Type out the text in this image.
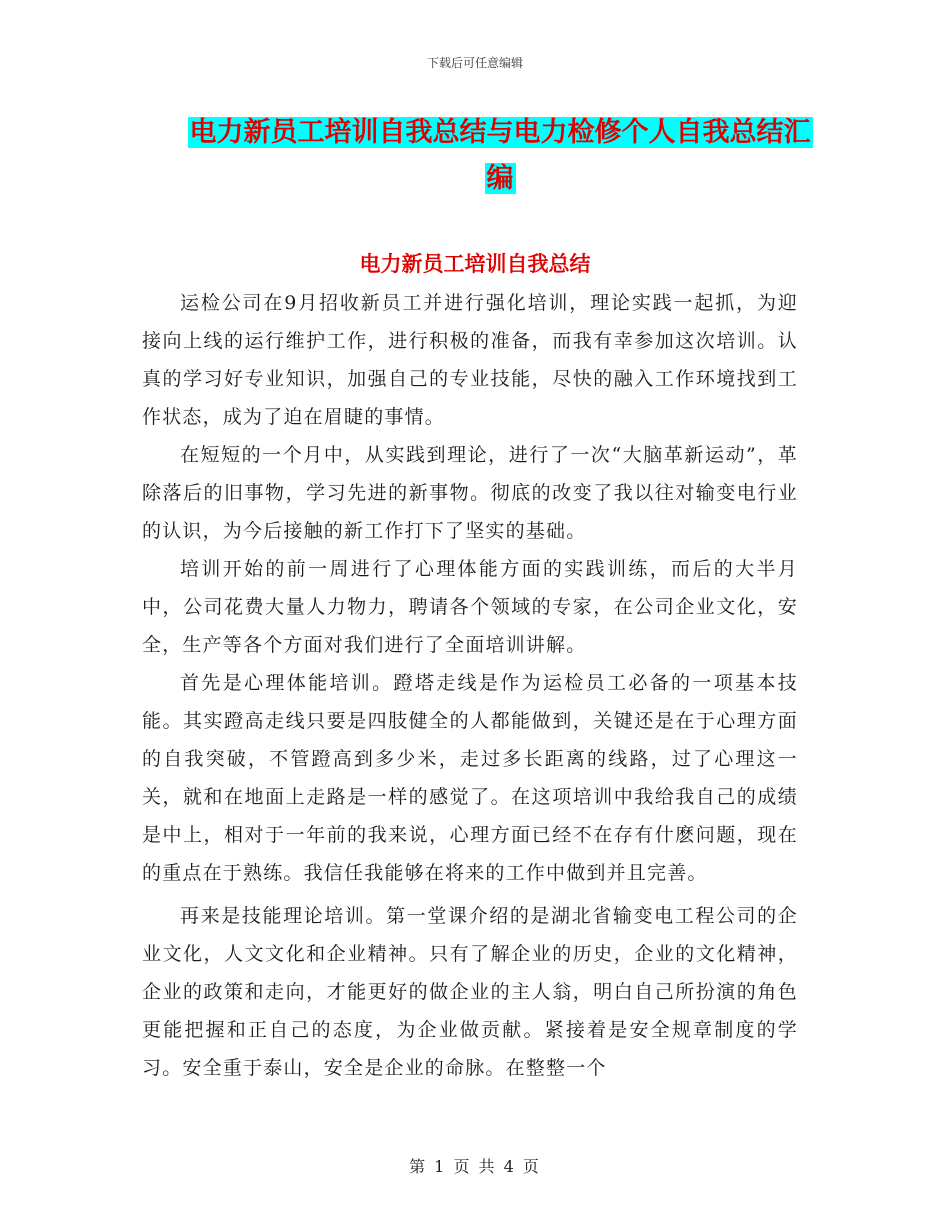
下载后可任意编辑
电力新员工培训自我总结与电力检修个人自我总结汇
编
电力新员工培训自我总结

运检公司在9月招收新员工并进行强化培训，理论实践一起抓，为迎接向上线的运行维护工作，进行积极的准备，而我有幸参加这次培训。认真的学习好专业知识，加强自己的专业技能，尽快的融入工作环境找到工作状态，成为了迫在眉睫的事情。

在短短的一个月中，从实践到理论，进行了一次“大脑革新运动”，革除落后的旧事物，学习先进的新事物。彻底的改变了我以往对输变电行业的认识，为今后接触的新工作打下了坚实的基础。

培训开始的前一周进行了心理体能方面的实践训练，而后的大半月中，公司花费大量人力物力，聘请各个领域的专家，在公司企业文化，安全，生产等各个方面对我们进行了全面培训讲解。

首先是心理体能培训。蹬塔走线是作为运检员工必备的一项基本技能。其实蹬高走线只要是四肢健全的人都能做到，关键还是在于心理方面的自我突破，不管蹬高到多少米，走过多长距离的线路，过了心理这一关，就和在地面上走路是一样的感觉了。在这项培训中我给我自己的成绩是中上，相对于一年前的我来说，心理方面已经不在存有什麽问题，现在的重点在于熟练。我信任我能够在将来的工作中做到并且完善。

再来是技能理论培训。第一堂课介绍的是湖北省输变电工程公司的企业文化，人文文化和企业精神。只有了解企业的历史，企业的文化精神，企业的政策和走向，才能更好的做企业的主人翁，明白自己所扮演的角色更能把握和正自己的态度，为企业做贡献。紧接着是安全规章制度的学习。安全重于泰山，安全是企业的命脉。在整整一个

第 1 页 共 4 页
